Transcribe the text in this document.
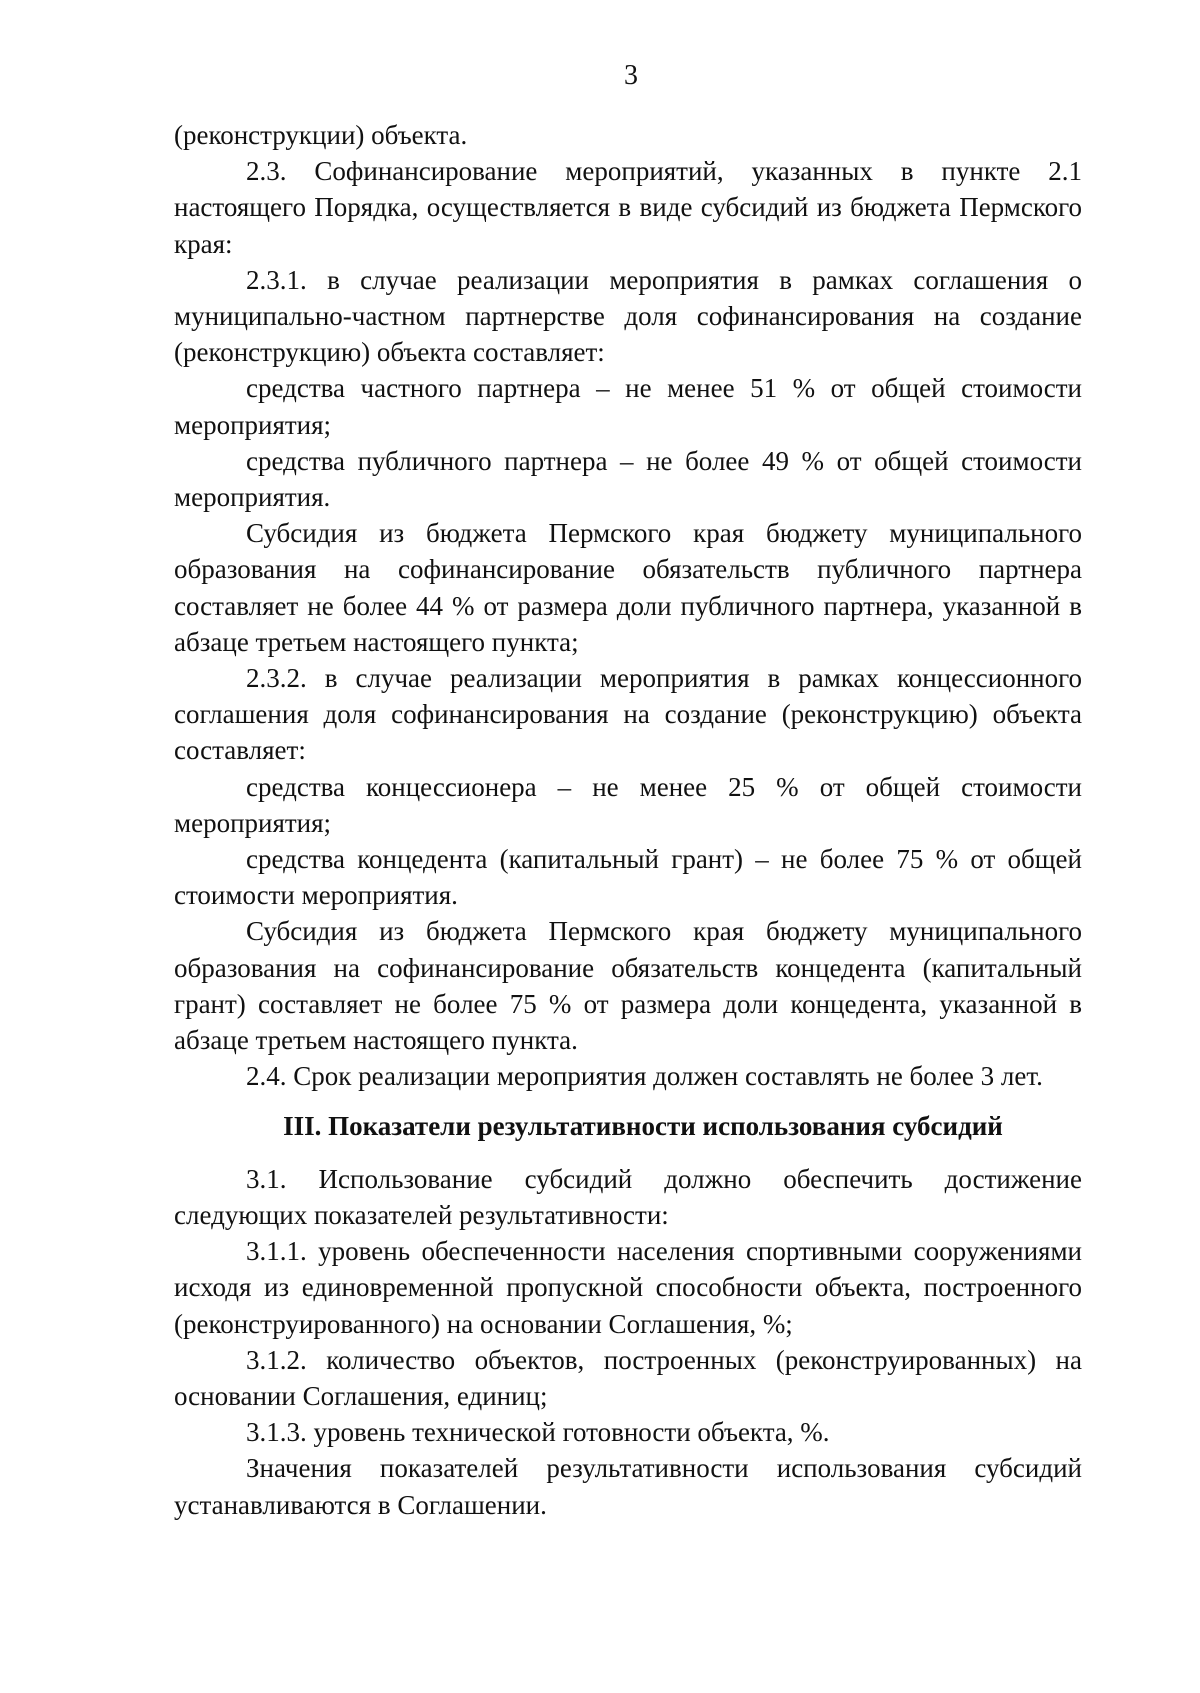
3

(реконструкции) объекта.

2.3. Софинансирование мероприятий, указанных в пункте 2.1 настоящего Порядка, осуществляется в виде субсидий из бюджета Пермского края:

2.3.1. в случае реализации мероприятия в рамках соглашения о муниципально-частном партнерстве доля софинансирования на создание (реконструкцию) объекта составляет:

средства частного партнера – не менее 51 % от общей стоимости мероприятия;

средства публичного партнера – не более 49 % от общей стоимости мероприятия.

Субсидия из бюджета Пермского края бюджету муниципального образования на софинансирование обязательств публичного партнера составляет не более 44 % от размера доли публичного партнера, указанной в абзаце третьем настоящего пункта;

2.3.2. в случае реализации мероприятия в рамках концессионного соглашения доля софинансирования на создание (реконструкцию) объекта составляет:

средства концессионера – не менее 25 % от общей стоимости мероприятия;

средства концедента (капитальный грант) – не более 75 % от общей стоимости мероприятия.

Субсидия из бюджета Пермского края бюджету муниципального образования на софинансирование обязательств концедента (капитальный грант) составляет не более 75 % от размера доли концедента, указанной в абзаце третьем настоящего пункта.

2.4. Срок реализации мероприятия должен составлять не более 3 лет.

III. Показатели результативности использования субсидий

3.1. Использование субсидий должно обеспечить достижение следующих показателей результативности:

3.1.1. уровень обеспеченности населения спортивными сооружениями исходя из единовременной пропускной способности объекта, построенного (реконструированного) на основании Соглашения, %;

3.1.2. количество объектов, построенных (реконструированных) на основании Соглашения, единиц;

3.1.3. уровень технической готовности объекта, %.

Значения показателей результативности использования субсидий устанавливаются в Соглашении.
